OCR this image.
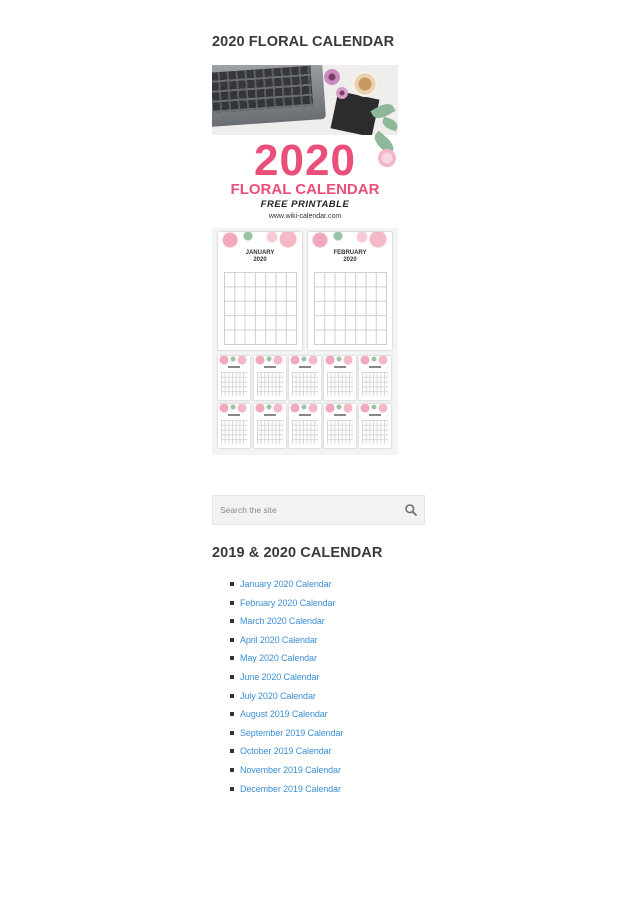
2020 FLORAL CALENDAR
2020
FLORAL CALENDAR
FREE PRINTABLE
www.wiki-calendar.com
JANUARY
2020
FEBRUARY
2020
Search the site
2019 & 2020 CALENDAR
January 2020 Calendar
February 2020 Calendar
March 2020 Calendar
April 2020 Calendar
May 2020 Calendar
June 2020 Calendar
July 2020 Calendar
August 2019 Calendar
September 2019 Calendar
October 2019 Calendar
November 2019 Calendar
December 2019 Calendar
